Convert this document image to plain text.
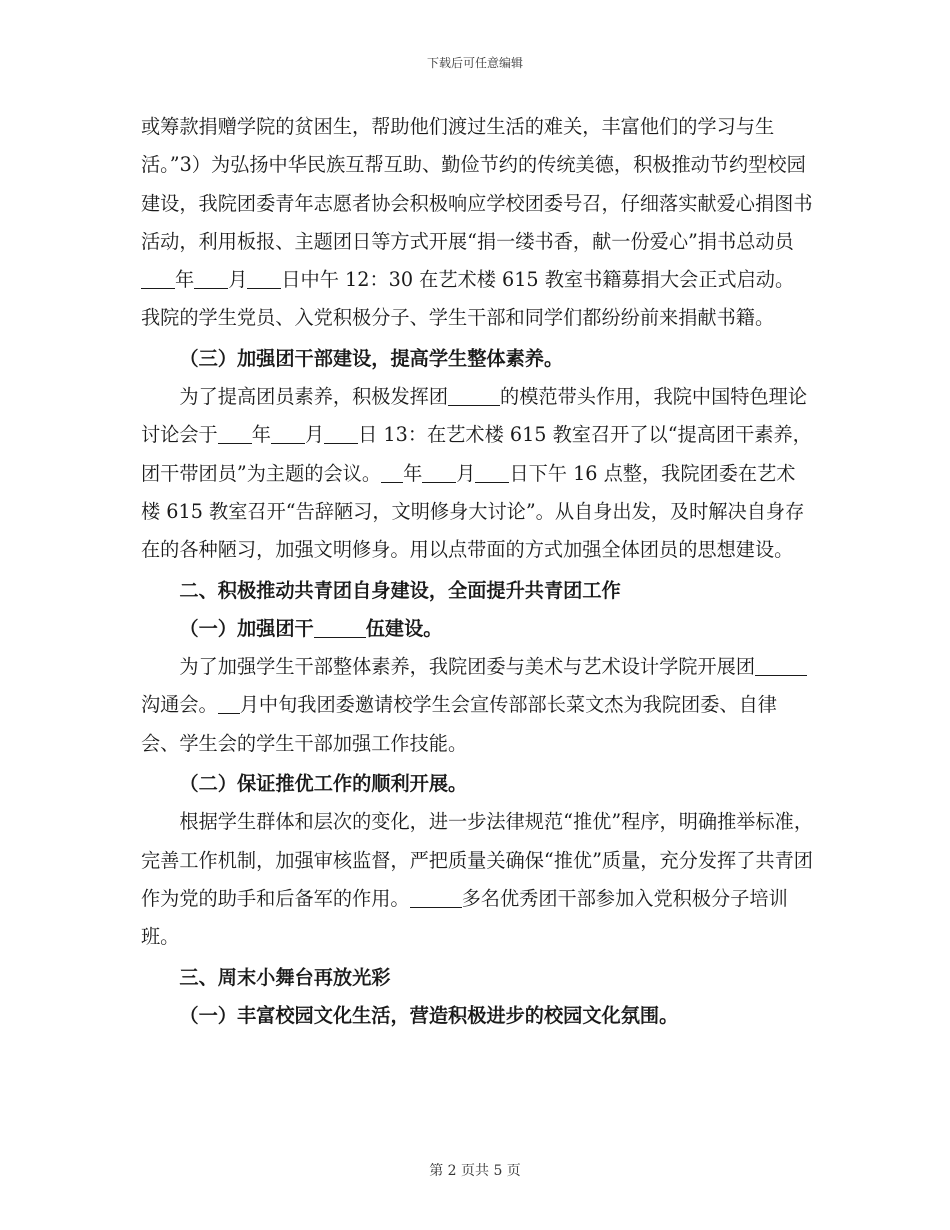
下载后可任意编辑

或筹款捐赠学院的贫困生，帮助他们渡过生活的难关，丰富他们的学习与生活。”3）为弘扬中华民族互帮互助、勤俭节约的传统美德，积极推动节约型校园建设，我院团委青年志愿者协会积极响应学校团委号召，仔细落实献爱心捐图书活动，利用板报、主题团日等方式开展“捐一缕书香，献一份爱心”捐书总动员年 月 日中午 12：30 在艺术楼 615 教室书籍募捐大会正式启动。我院的学生党员、入党积极分子、学生干部和同学们都纷纷前来捐献书籍。

（三）加强团干部建设，提高学生整体素养。

为了提高团员素养，积极发挥团	的模范带头作用，我院中国特色理论讨论会于 年 月 日 13：在艺术楼 615 教室召开了以“提高团干素养，团干带团员”为主题的会议。 年 月 日下午 16 点整，我院团委在艺术楼 615 教室召开“告辞陋习，文明修身大讨论”。从自身出发，及时解决自身存在的各种陋习，加强文明修身。用以点带面的方式加强全体团员的思想建设。

二、积极推动共青团自身建设，全面提升共青团工作

（一）加强团干	伍建设。

为了加强学生干部整体素养，我院团委与美术与艺术设计学院开展团沟通会。 月中旬我团委邀请校学生会宣传部部长菜文杰为我院团委、自律会、学生会的学生干部加强工作技能。

（二）保证推优工作的顺利开展。

根据学生群体和层次的变化，进一步法律规范“推优”程序，明确推举标准，完善工作机制，加强审核监督，严把质量关确保“推优”质量，充分发挥了共青团作为党的助手和后备军的作用。	多名优秀团干部参加入党积极分子培训班。

三、周末小舞台再放光彩

（一）丰富校园文化生活，营造积极进步的校园文化氛围。

第 2 页共 5 页
